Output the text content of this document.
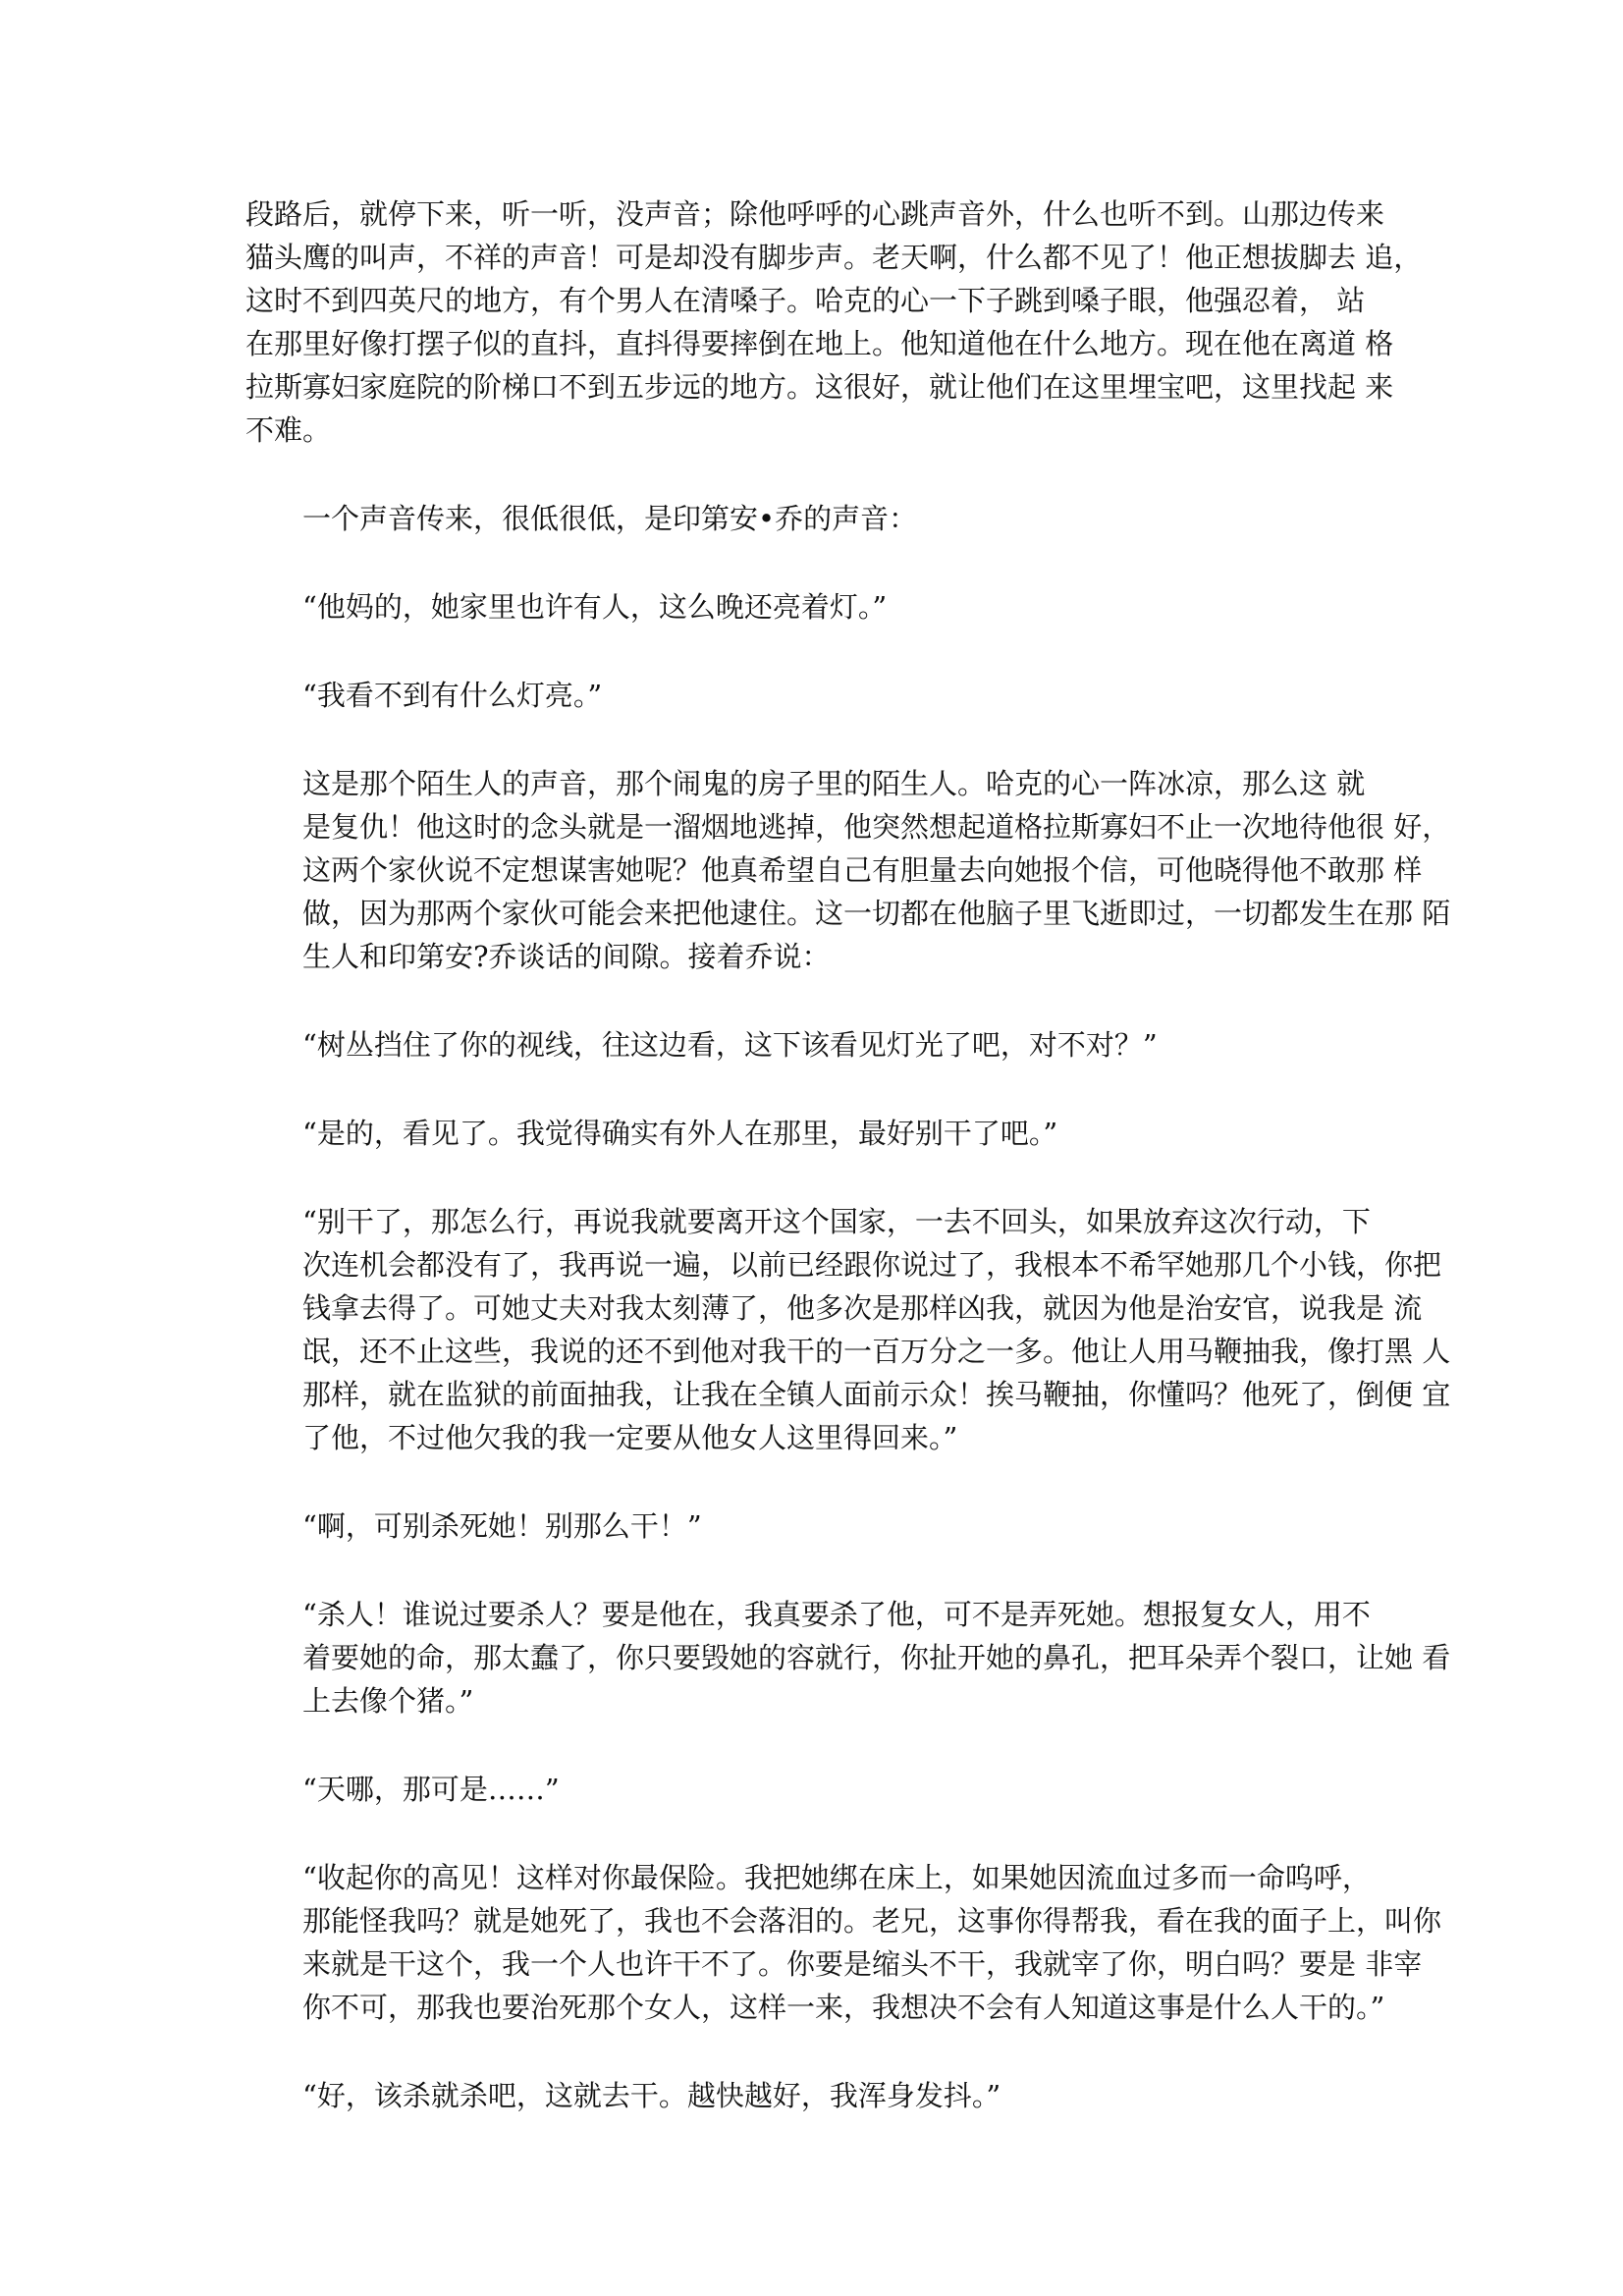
段路后，就停下来，听一听，没声音；除他呼呼的心跳声音外，什么也听不到。山那边传来
猫头鹰的叫声，不祥的声音！可是却没有脚步声。老天啊，什么都不见了！他正想拔脚去 追，
这时不到四英尺的地方，有个男人在清嗓子。哈克的心一下子跳到嗓子眼，他强忍着， 站
在那里好像打摆子似的直抖，直抖得要摔倒在地上。他知道他在什么地方。现在他在离道 格
拉斯寡妇家庭院的阶梯口不到五步远的地方。这很好，就让他们在这里埋宝吧，这里找起 来
不难。

一个声音传来，很低很低，是印第安•乔的声音：

“他妈的，她家里也许有人，这么晚还亮着灯。”

“我看不到有什么灯亮。”

这是那个陌生人的声音，那个闹鬼的房子里的陌生人。哈克的心一阵冰凉，那么这 就
是复仇！他这时的念头就是一溜烟地逃掉，他突然想起道格拉斯寡妇不止一次地待他很 好，
这两个家伙说不定想谋害她呢？他真希望自己有胆量去向她报个信，可他晓得他不敢那 样
做，因为那两个家伙可能会来把他逮住。这一切都在他脑子里飞逝即过，一切都发生在那 陌
生人和印第安?乔谈话的间隙。接着乔说：

“树丛挡住了你的视线，往这边看，这下该看见灯光了吧，对不对？”

“是的，看见了。我觉得确实有外人在那里，最好别干了吧。”

“别干了，那怎么行，再说我就要离开这个国家，一去不回头，如果放弃这次行动，下
次连机会都没有了，我再说一遍，以前已经跟你说过了，我根本不希罕她那几个小钱，你把
钱拿去得了。可她丈夫对我太刻薄了，他多次是那样凶我，就因为他是治安官，说我是 流
氓，还不止这些，我说的还不到他对我干的一百万分之一多。他让人用马鞭抽我，像打黑 人
那样，就在监狱的前面抽我，让我在全镇人面前示众！挨马鞭抽，你懂吗？他死了，倒便 宜
了他，不过他欠我的我一定要从他女人这里得回来。”

“啊，可别杀死她！别那么干！”

“杀人！谁说过要杀人？要是他在，我真要杀了他，可不是弄死她。想报复女人，用不
着要她的命，那太蠢了，你只要毁她的容就行，你扯开她的鼻孔，把耳朵弄个裂口，让她 看
上去像个猪。”

“天哪，那可是……”

“收起你的高见！这样对你最保险。我把她绑在床上，如果她因流血过多而一命呜呼，
那能怪我吗？就是她死了，我也不会落泪的。老兄，这事你得帮我，看在我的面子上，叫你
来就是干这个，我一个人也许干不了。你要是缩头不干，我就宰了你，明白吗？要是 非宰
你不可，那我也要治死那个女人，这样一来，我想决不会有人知道这事是什么人干的。”

“好，该杀就杀吧，这就去干。越快越好，我浑身发抖。”
